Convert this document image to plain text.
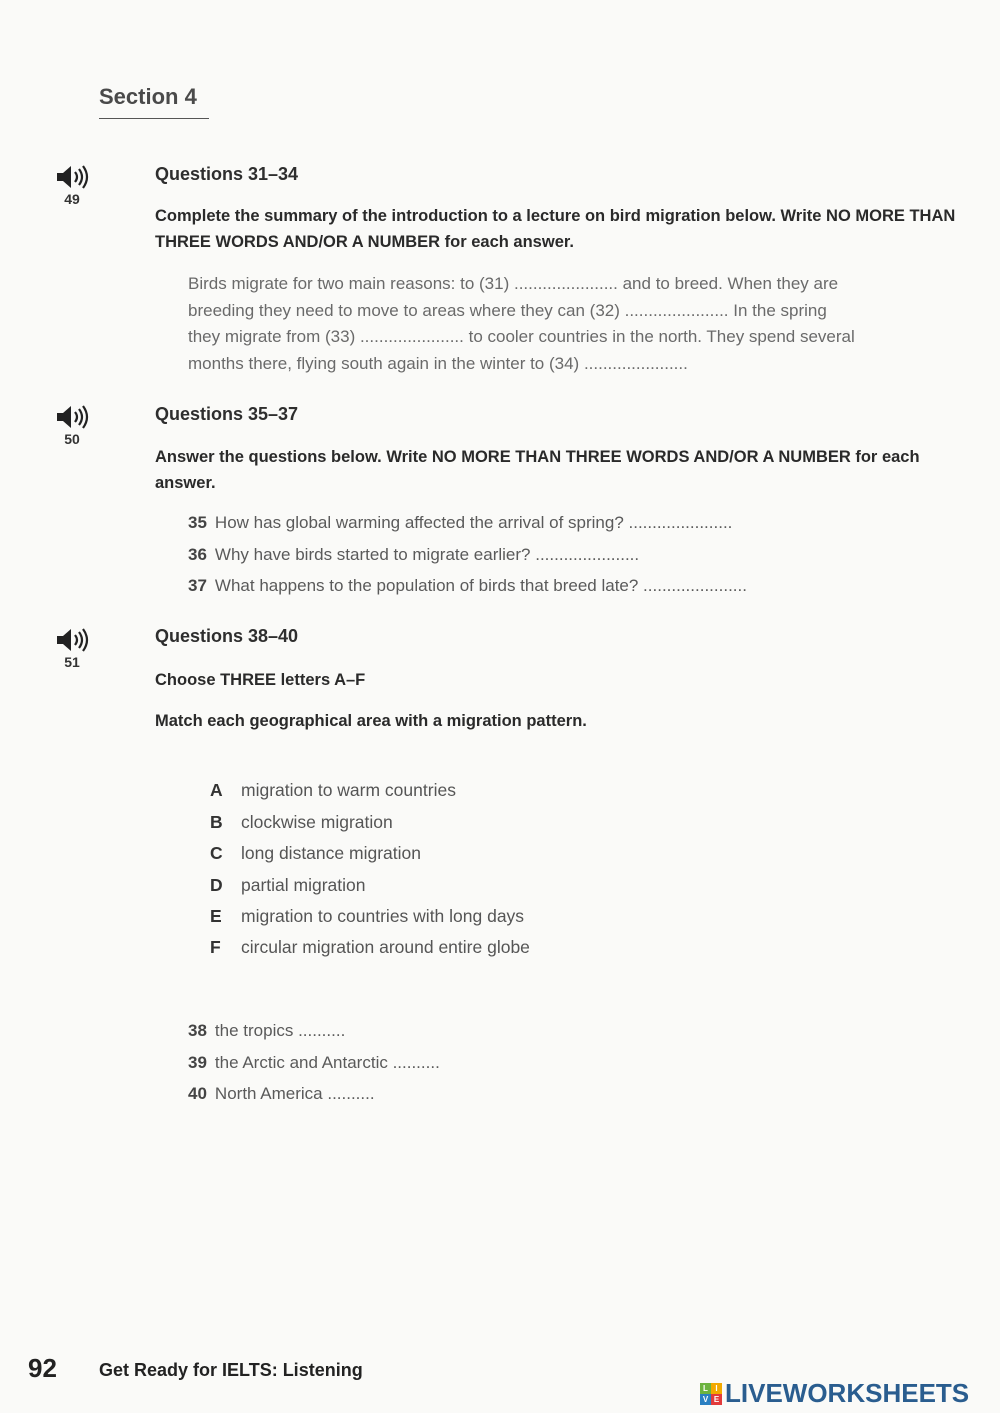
Section 4
49
Questions 31–34
Complete the summary of the introduction to a lecture on bird migration below. Write NO MORE THAN THREE WORDS AND/OR A NUMBER for each answer.
Birds migrate for two main reasons: to (31) ...................... and to breed. When they are
breeding they need to move to areas where they can (32) ...................... In the spring
they migrate from (33) ...................... to cooler countries in the north. They spend several
months there, flying south again in the winter to (34) ......................
50
Questions 35–37
Answer the questions below. Write NO MORE THAN THREE WORDS AND/OR A NUMBER for each answer.
35 How has global warming affected the arrival of spring? ......................
36 Why have birds started to migrate earlier? ......................
37 What happens to the population of birds that breed late? ......................
51
Questions 38–40
Choose THREE letters A–F
Match each geographical area with a migration pattern.
A migration to warm countries
B clockwise migration
C long distance migration
D partial migration
E migration to countries with long days
F circular migration around entire globe
38 the tropics ..........
39 the Arctic and Antarctic ..........
40 North America ..........
92 Get Ready for IELTS: Listening
L I
V E LIVEWORKSHEETS
